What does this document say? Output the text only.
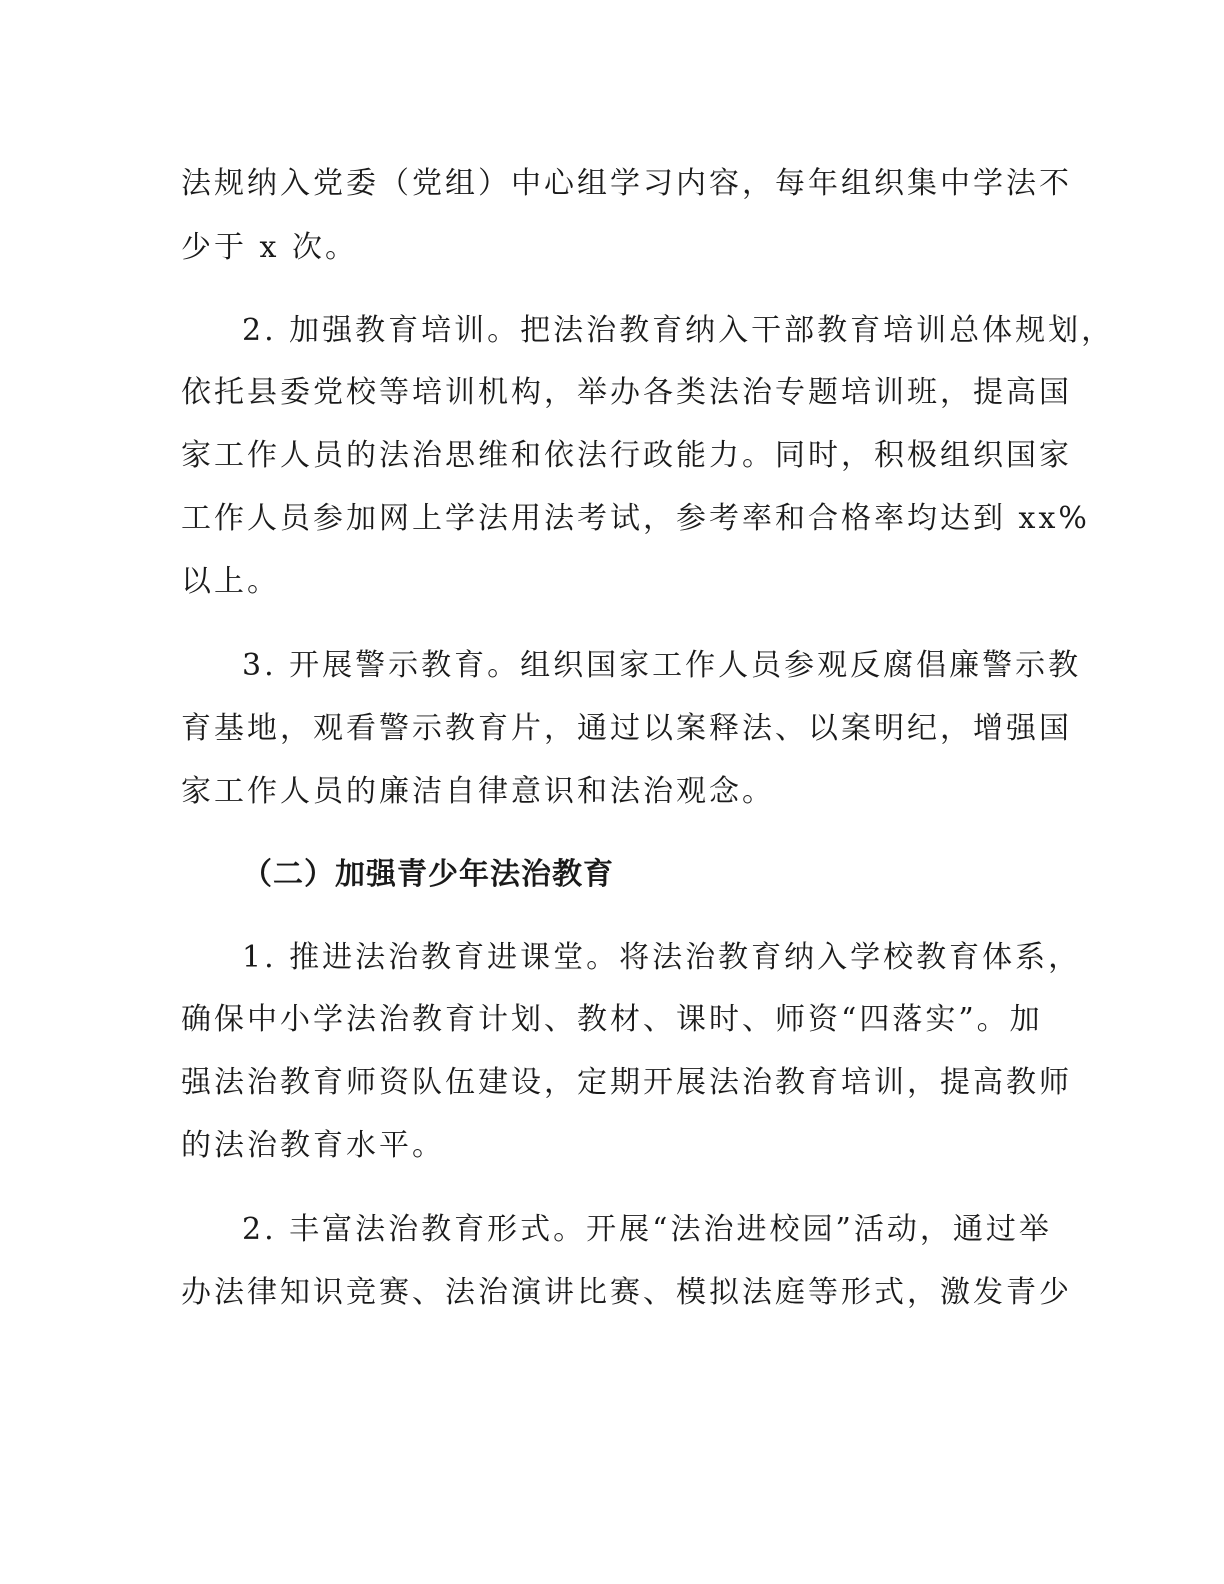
法规纳入党委（党组）中心组学习内容，每年组织集中学法不

少于 x 次。

2. 加强教育培训。把法治教育纳入干部教育培训总体规划，

依托县委党校等培训机构，举办各类法治专题培训班，提高国

家工作人员的法治思维和依法行政能力。同时，积极组织国家

工作人员参加网上学法用法考试，参考率和合格率均达到 xx%

以上。

3. 开展警示教育。组织国家工作人员参观反腐倡廉警示教

育基地，观看警示教育片，通过以案释法、以案明纪，增强国

家工作人员的廉洁自律意识和法治观念。

（二）加强青少年法治教育

1. 推进法治教育进课堂。将法治教育纳入学校教育体系，

确保中小学法治教育计划、教材、课时、师资“四落实”。加

强法治教育师资队伍建设，定期开展法治教育培训，提高教师

的法治教育水平。

2. 丰富法治教育形式。开展“法治进校园”活动，通过举

办法律知识竞赛、法治演讲比赛、模拟法庭等形式，激发青少
